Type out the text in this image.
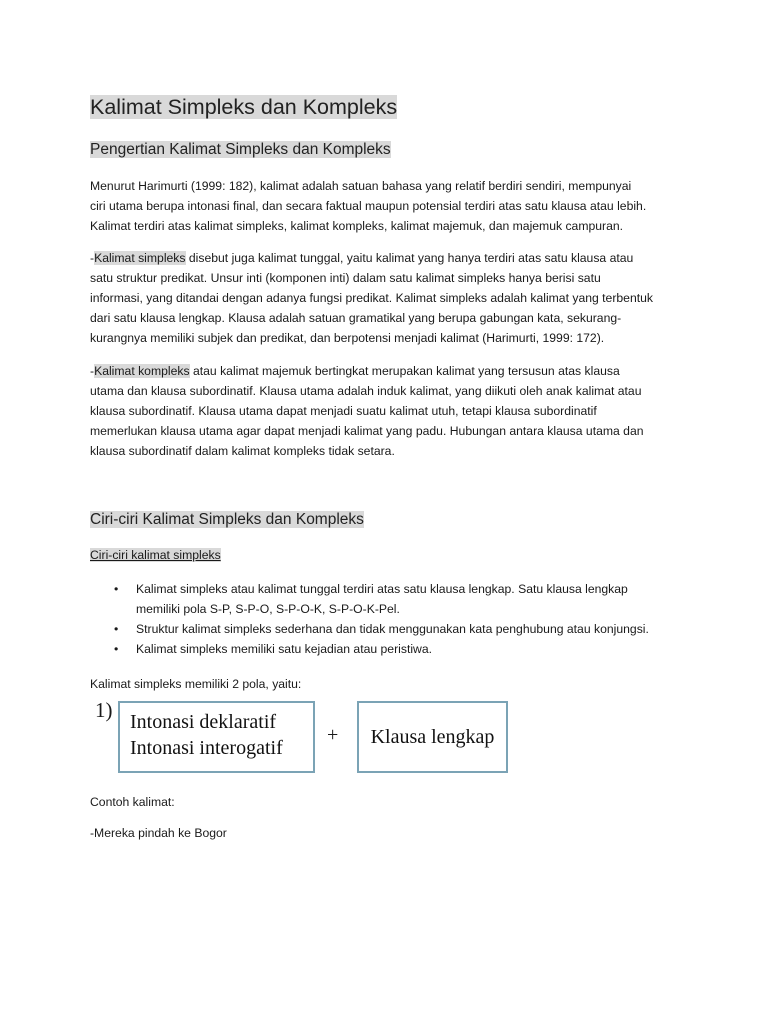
Kalimat Simpleks dan Kompleks
Pengertian Kalimat Simpleks dan Kompleks

Menurut Harimurti (1999: 182), kalimat adalah satuan bahasa yang relatif berdiri sendiri, mempunyai
ciri utama berupa intonasi final, dan secara faktual maupun potensial terdiri atas satu klausa atau lebih.
Kalimat terdiri atas kalimat simpleks, kalimat kompleks, kalimat majemuk, dan majemuk campuran.

-Kalimat simpleks disebut juga kalimat tunggal, yaitu kalimat yang hanya terdiri atas satu klausa atau
satu struktur predikat. Unsur inti (komponen inti) dalam satu kalimat simpleks hanya berisi satu
informasi, yang ditandai dengan adanya fungsi predikat. Kalimat simpleks adalah kalimat yang terbentuk
dari satu klausa lengkap. Klausa adalah satuan gramatikal yang berupa gabungan kata, sekurang-
kurangnya memiliki subjek dan predikat, dan berpotensi menjadi kalimat (Harimurti, 1999: 172).

-Kalimat kompleks atau kalimat majemuk bertingkat merupakan kalimat yang tersusun atas klausa
utama dan klausa subordinatif. Klausa utama adalah induk kalimat, yang diikuti oleh anak kalimat atau
klausa subordinatif. Klausa utama dapat menjadi suatu kalimat utuh, tetapi klausa subordinatif
memerlukan klausa utama agar dapat menjadi kalimat yang padu. Hubungan antara klausa utama dan
klausa subordinatif dalam kalimat kompleks tidak setara.

Ciri-ciri Kalimat Simpleks dan Kompleks

Ciri-ciri kalimat simpleks

• Kalimat simpleks atau kalimat tunggal terdiri atas satu klausa lengkap. Satu klausa lengkap
memiliki pola S-P, S-P-O, S-P-O-K, S-P-O-K-Pel.
• Struktur kalimat simpleks sederhana dan tidak menggunakan kata penghubung atau konjungsi.
• Kalimat simpleks memiliki satu kejadian atau peristiwa.

Kalimat simpleks memiliki 2 pola, yaitu:

1) Intonasi deklaratif
Intonasi interogatif
+ Klausa lengkap

Contoh kalimat:

-Mereka pindah ke Bogor
